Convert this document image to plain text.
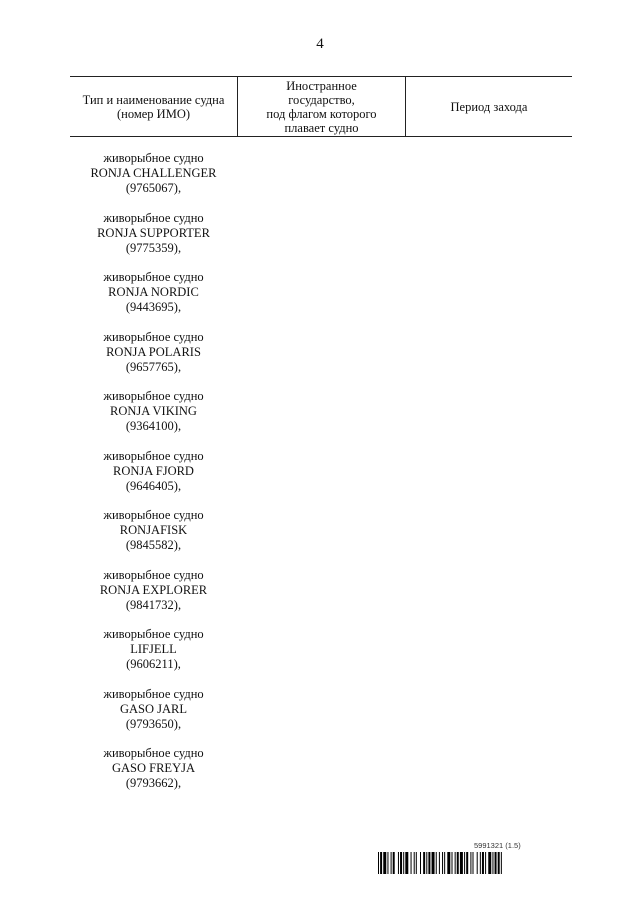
4
Тип и наименование судна
(номер ИМО)
Иностранное
государство,
под флагом которого
плавает судно
Период захода
живорыбное судно
RONJA CHALLENGER
(9765067),
живорыбное судно
RONJA SUPPORTER
(9775359),
живорыбное судно
RONJA NORDIC
(9443695),
живорыбное судно
RONJA POLARIS
(9657765),
живорыбное судно
RONJA VIKING
(9364100),
живорыбное судно
RONJA FJORD
(9646405),
живорыбное судно
RONJAFISK
(9845582),
живорыбное судно
RONJA EXPLORER
(9841732),
живорыбное судно
LIFJELL
(9606211),
живорыбное судно
GASO JARL
(9793650),
живорыбное судно
GASO FREYJA
(9793662),
5991321 (1.5)
